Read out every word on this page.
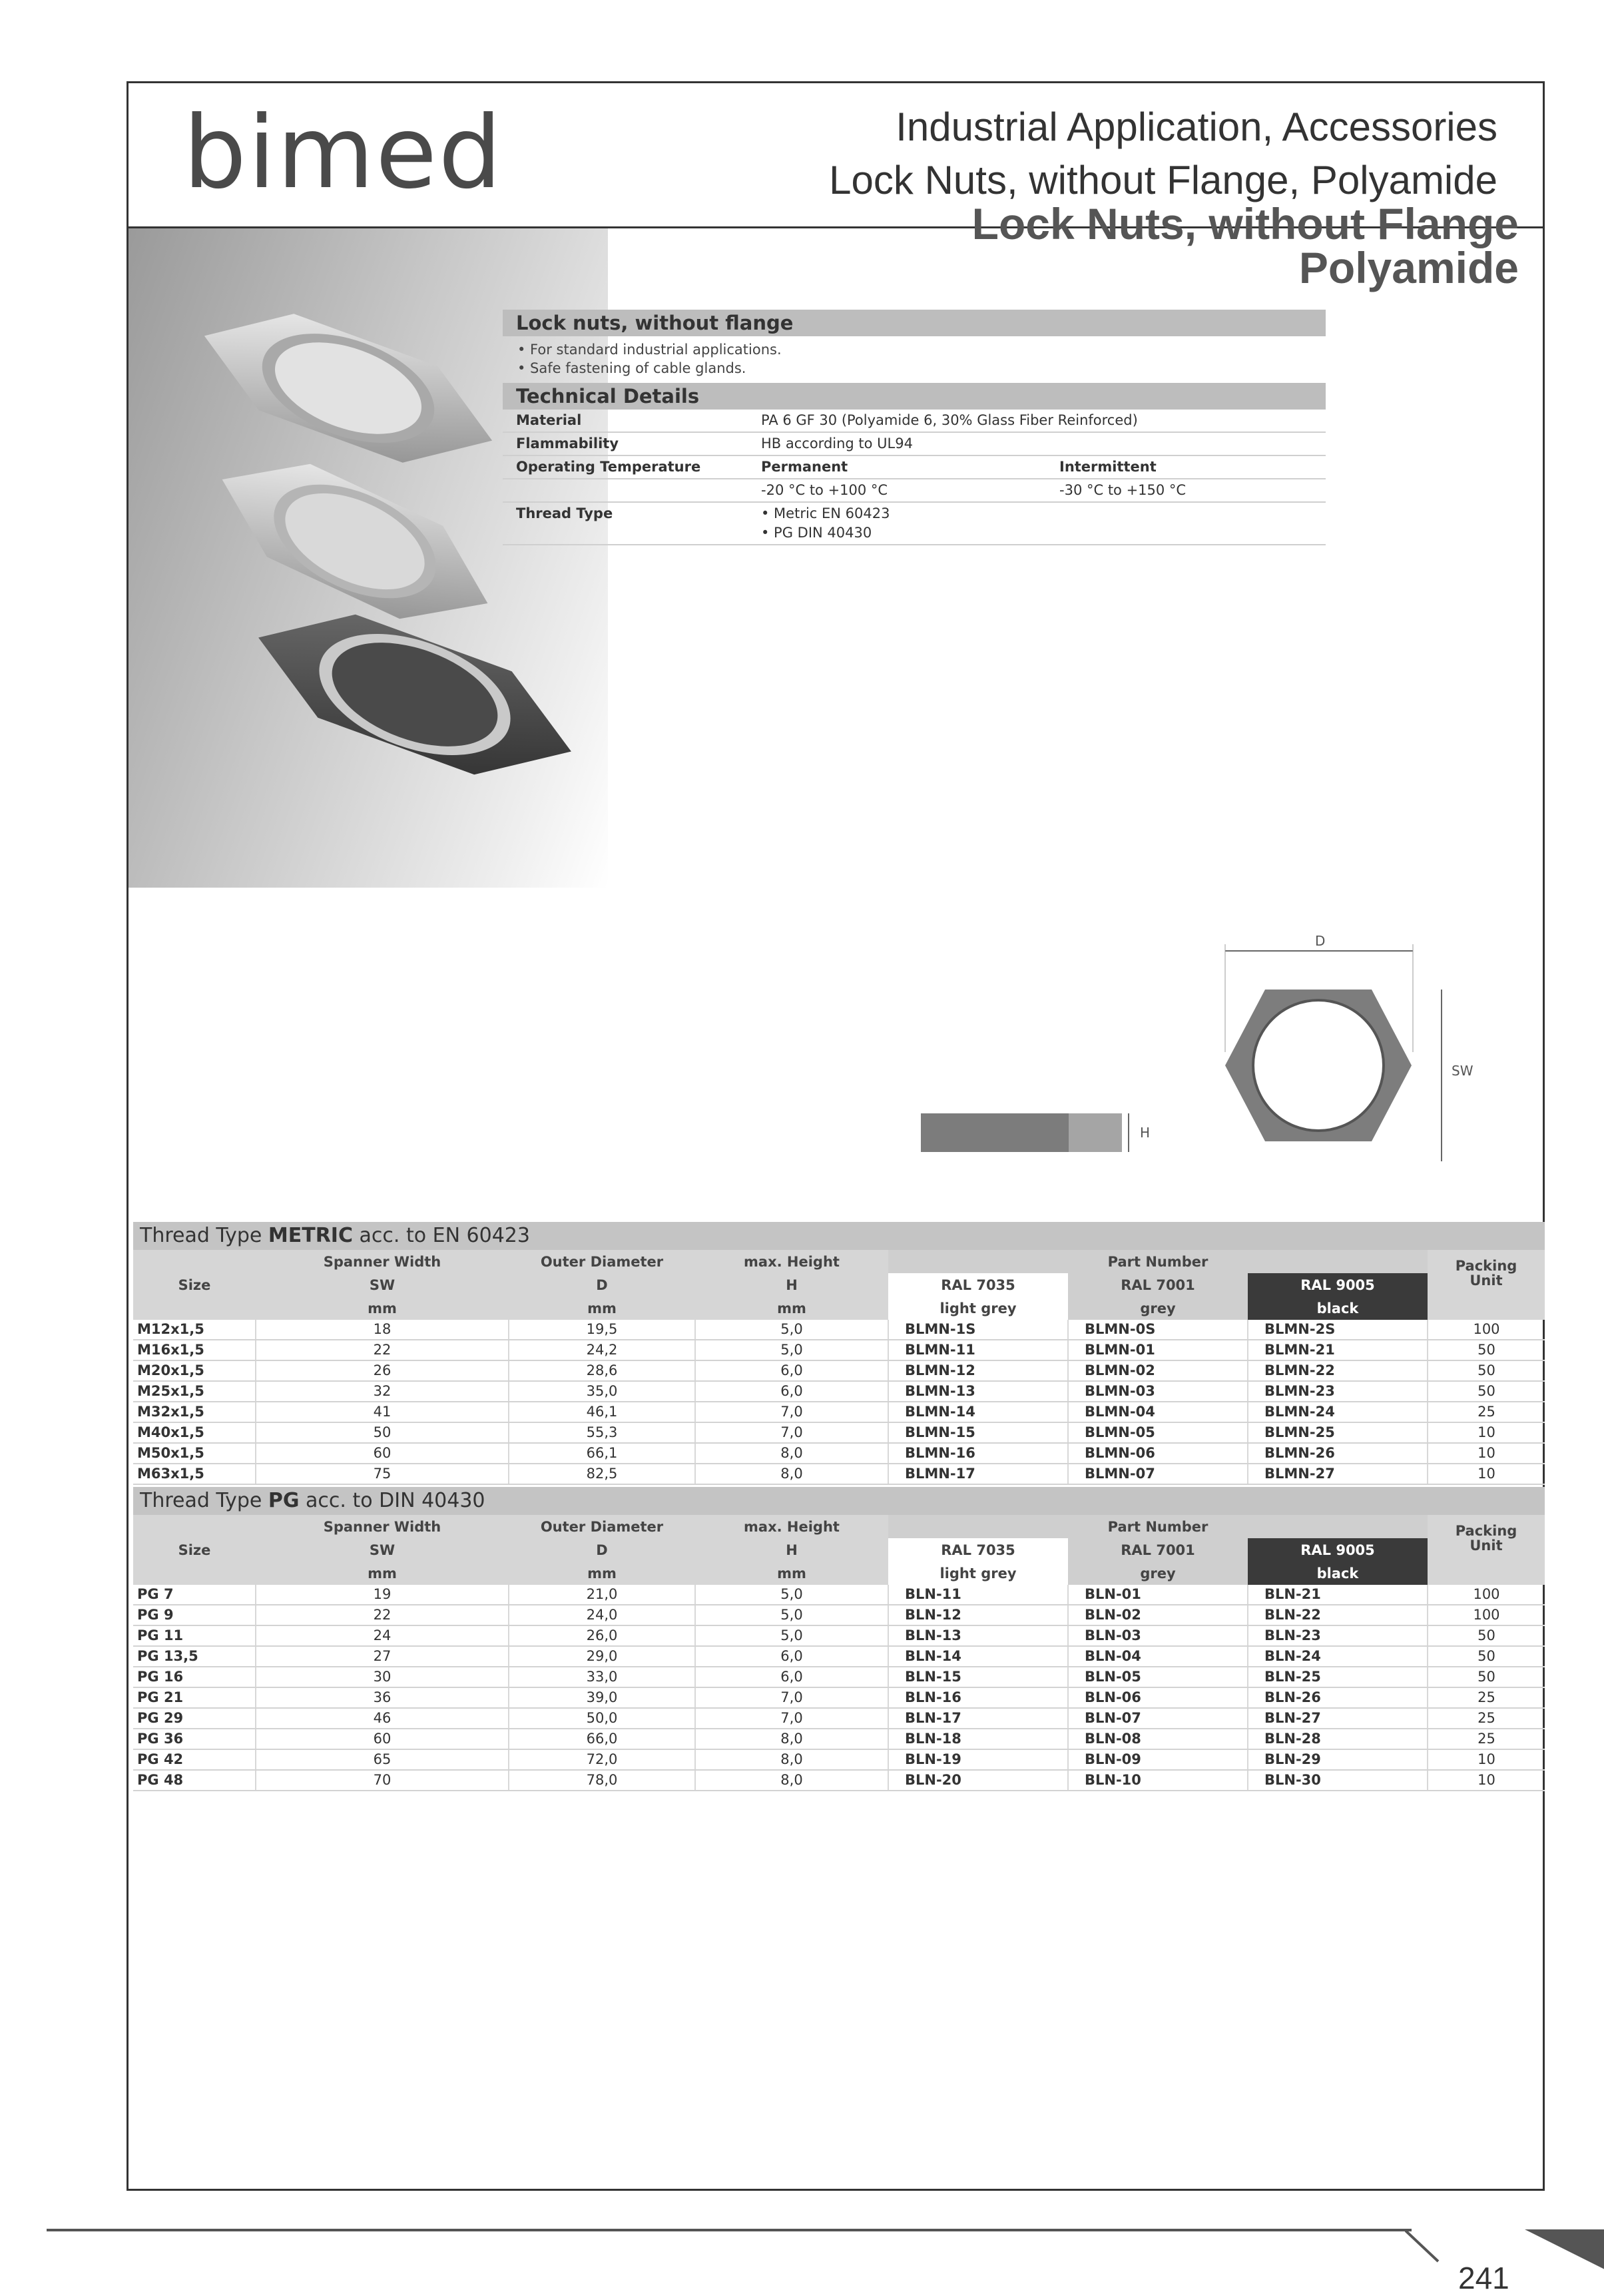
bimed	Industrial Application, Accessories
Lock Nuts, without Flange, Polyamide
Lock Nuts, without Flange
Polyamide
Lock nuts, without flange
• For standard industrial applications.
• Safe fastening of cable glands.
Technical Details
Material	PA 6 GF 30 (Polyamide 6, 30% Glass Fiber Reinforced)	
Flammability	HB according to UL94	
Operating Temperature	Permanent	Intermittent
	-20 °C to +100 °C	-30 °C to +150 °C
Thread Type	• Metric EN 60423
• PG DIN 40430	
H
D
SW
Thread Type METRIC acc. to EN 60423
Size	Spanner Width	Outer Diameter	max. Height	Part Number			Packing
Unit

	SW	D	H	RAL 7035	RAL 7001	RAL 9005	
	mm	mm	mm	light grey	grey	black	
M12x1,5	18	19,5	5,0	BLMN-1S	BLMN-0S	BLMN-2S	100
M16x1,5	22	24,2	5,0	BLMN-11	BLMN-01	BLMN-21	50
M20x1,5	26	28,6	6,0	BLMN-12	BLMN-02	BLMN-22	50
M25x1,5	32	35,0	6,0	BLMN-13	BLMN-03	BLMN-23	50
M32x1,5	41	46,1	7,0	BLMN-14	BLMN-04	BLMN-24	25
M40x1,5	50	55,3	7,0	BLMN-15	BLMN-05	BLMN-25	10
M50x1,5	60	66,1	8,0	BLMN-16	BLMN-06	BLMN-26	10
M63x1,5	75	82,5	8,0	BLMN-17	BLMN-07	BLMN-27	10
Thread Type PG acc. to DIN 40430
Size	Spanner Width	Outer Diameter	max. Height	Part Number			Packing
Unit

	SW	D	H	RAL 7035	RAL 7001	RAL 9005	
	mm	mm	mm	light grey	grey	black	
PG 7	19	21,0	5,0	BLN-11	BLN-01	BLN-21	100
PG 9	22	24,0	5,0	BLN-12	BLN-02	BLN-22	100
PG 11	24	26,0	5,0	BLN-13	BLN-03	BLN-23	50
PG 13,5	27	29,0	6,0	BLN-14	BLN-04	BLN-24	50
PG 16	30	33,0	6,0	BLN-15	BLN-05	BLN-25	50
PG 21	36	39,0	7,0	BLN-16	BLN-06	BLN-26	25
PG 29	46	50,0	7,0	BLN-17	BLN-07	BLN-27	25
PG 36	60	66,0	8,0	BLN-18	BLN-08	BLN-28	25
PG 42	65	72,0	8,0	BLN-19	BLN-09	BLN-29	10
PG 48	70	78,0	8,0	BLN-20	BLN-10	BLN-30	10
241
